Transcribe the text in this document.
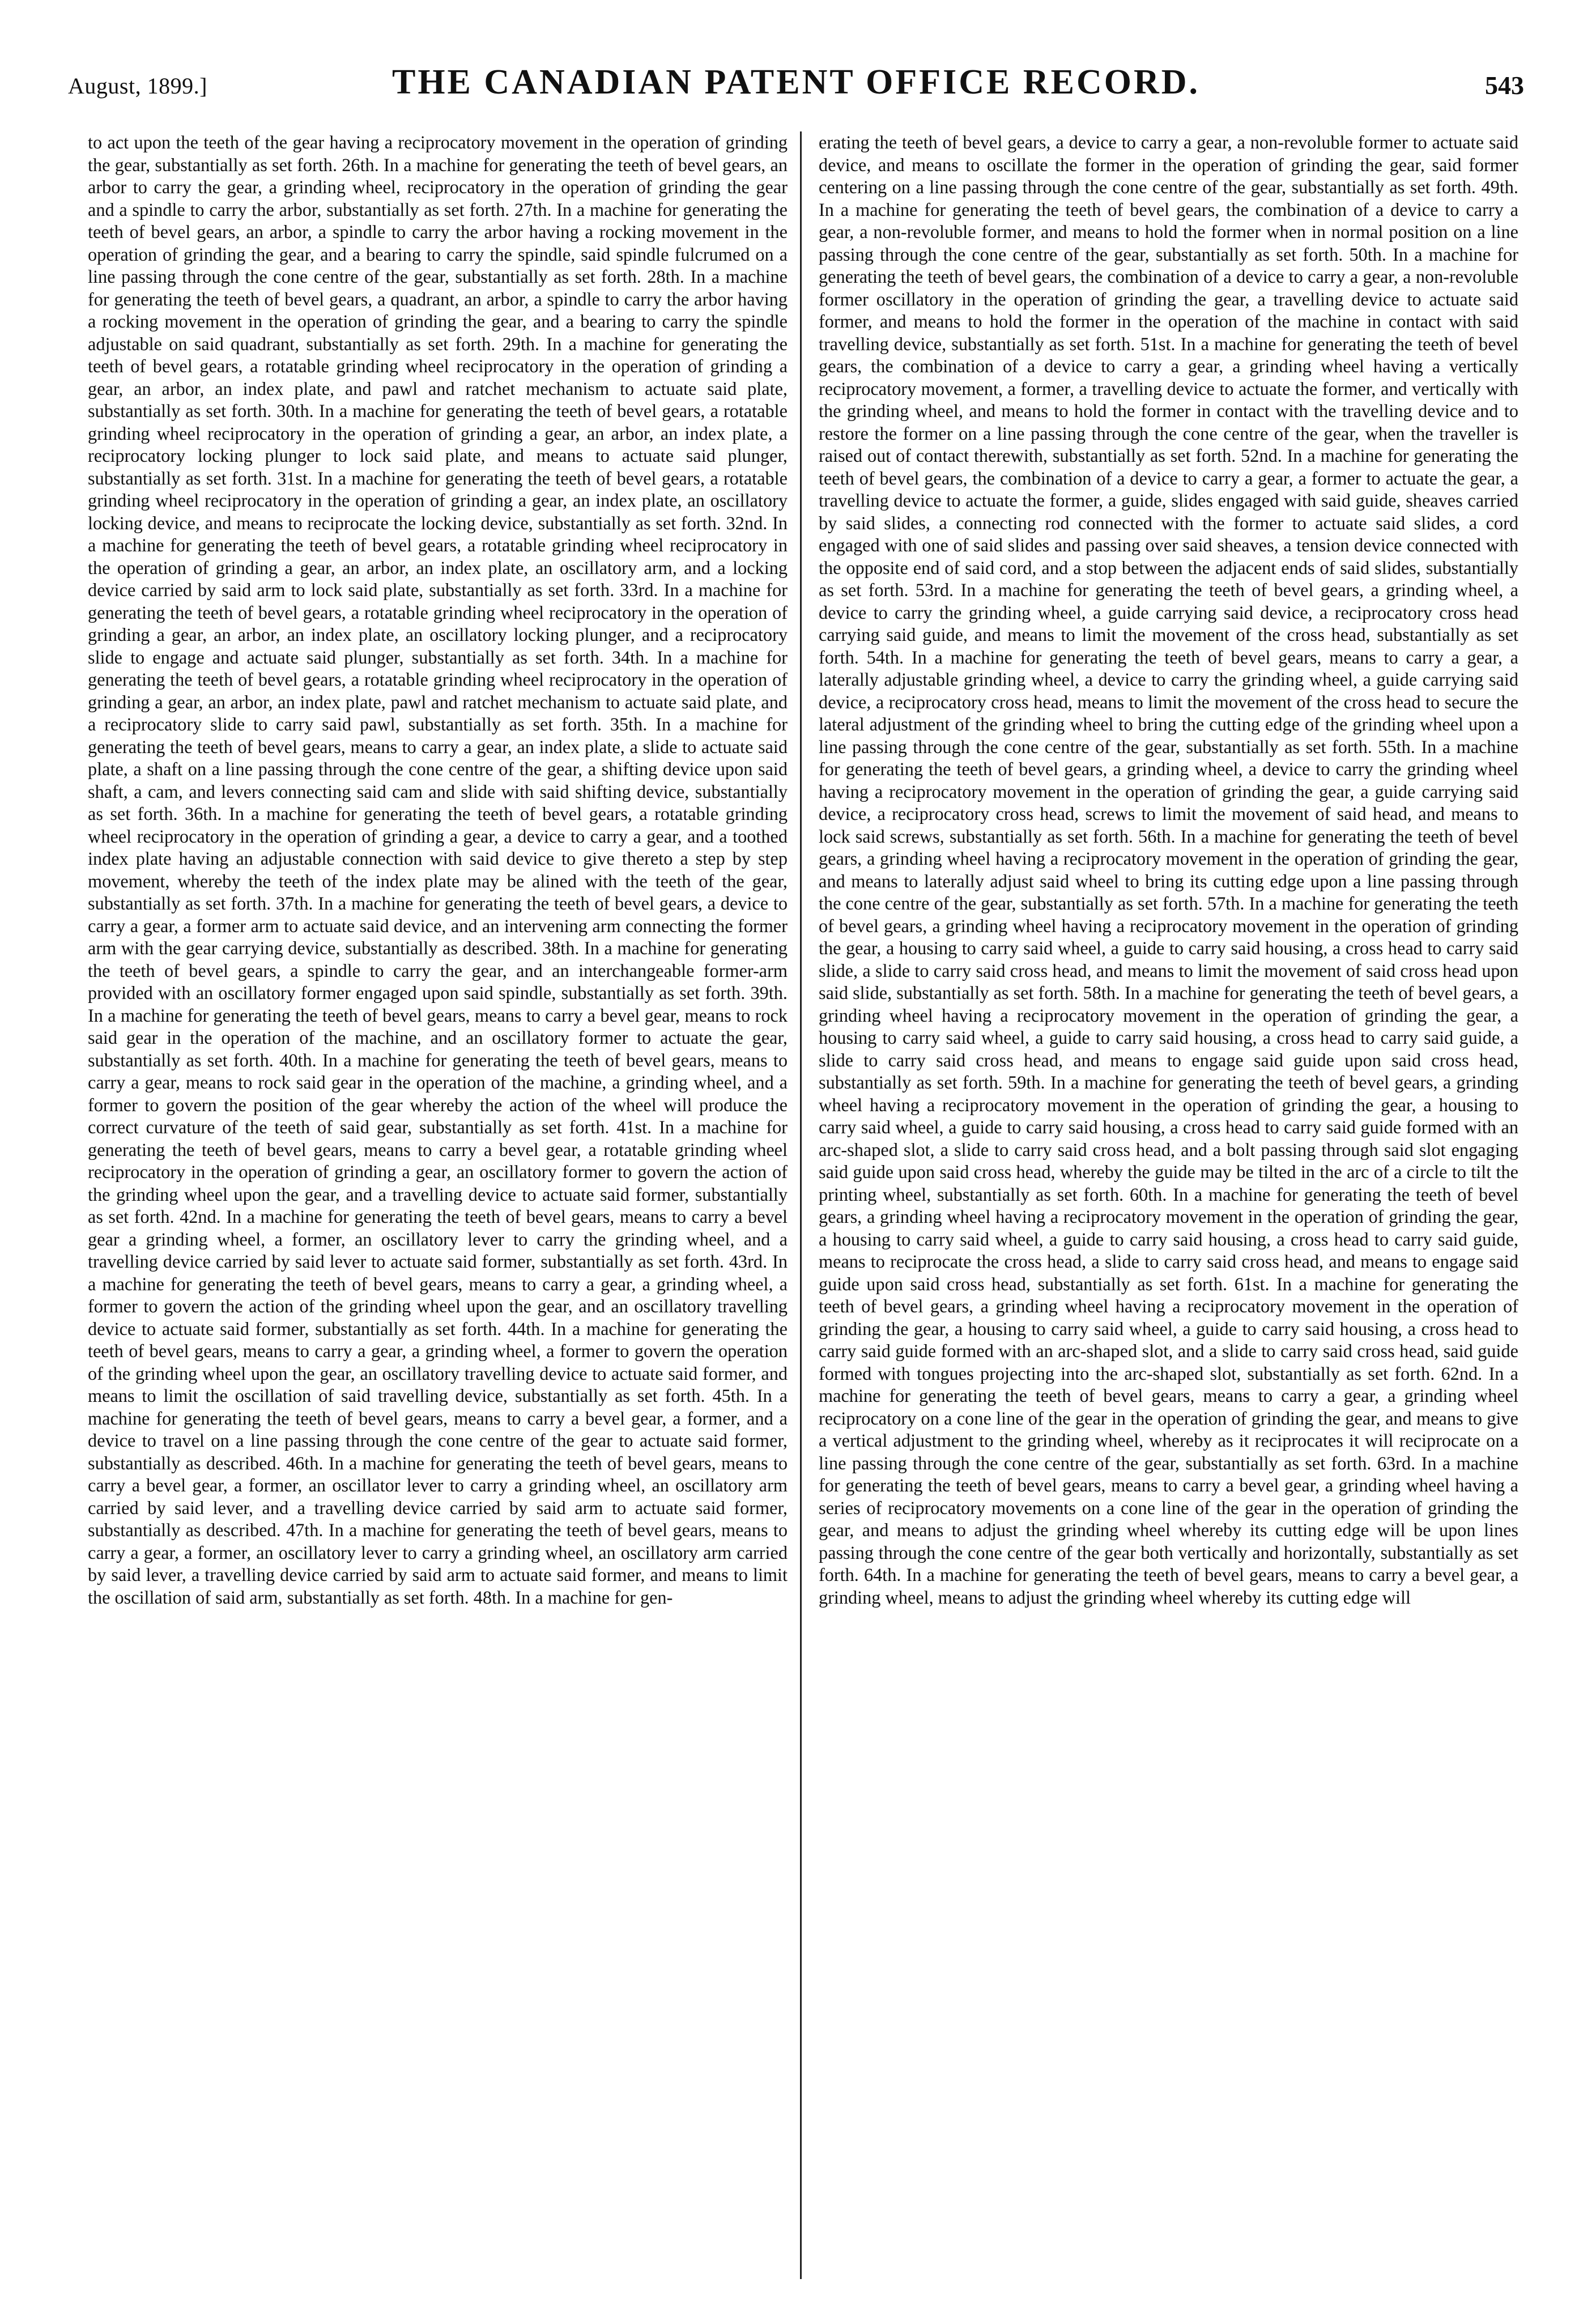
August, 1899.]	THE CANADIAN PATENT OFFICE RECORD.	543

to act upon the teeth of the gear having a reciprocatory movement in the operation of grinding the gear, substantially as set forth. 26th. In a machine for generating the teeth of bevel gears, an arbor to carry the gear, a grinding wheel, reciprocatory in the operation of grinding the gear and a spindle to carry the arbor, substantially as set forth. 27th. In a machine for generating the teeth of bevel gears, an arbor, a spindle to carry the arbor having a rocking movement in the operation of grinding the gear, and a bearing to carry the spindle, said spindle fulcrumed on a line passing through the cone centre of the gear, substantially as set forth. 28th. In a machine for generating the teeth of bevel gears, a quadrant, an arbor, a spindle to carry the arbor having a rocking movement in the operation of grinding the gear, and a bearing to carry the spindle adjustable on said quadrant, substantially as set forth. 29th. In a machine for generating the teeth of bevel gears, a rotatable grinding wheel reciprocatory in the operation of grinding a gear, an arbor, an index plate, and pawl and ratchet mechanism to actuate said plate, substantially as set forth. 30th. In a machine for generating the teeth of bevel gears, a rotatable grinding wheel reciprocatory in the operation of grinding a gear, an arbor, an index plate, a reciprocatory locking plunger to lock said plate, and means to actuate said plunger, substantially as set forth. 31st. In a machine for generating the teeth of bevel gears, a rotatable grinding wheel reciprocatory in the operation of grinding a gear, an index plate, an oscillatory locking device, and means to reciprocate the locking device, substantially as set forth. 32nd. In a machine for generating the teeth of bevel gears, a rotatable grinding wheel reciprocatory in the operation of grinding a gear, an arbor, an index plate, an oscillatory arm, and a locking device carried by said arm to lock said plate, substantially as set forth. 33rd. In a machine for generating the teeth of bevel gears, a rotatable grinding wheel reciprocatory in the operation of grinding a gear, an arbor, an index plate, an oscillatory locking plunger, and a reciprocatory slide to engage and actuate said plunger, substantially as set forth. 34th. In a machine for generating the teeth of bevel gears, a rotatable grinding wheel reciprocatory in the operation of grinding a gear, an arbor, an index plate, pawl and ratchet mechanism to actuate said plate, and a reciprocatory slide to carry said pawl, substantially as set forth. 35th. In a machine for generating the teeth of bevel gears, means to carry a gear, an index plate, a slide to actuate said plate, a shaft on a line passing through the cone centre of the gear, a shifting device upon said shaft, a cam, and levers connecting said cam and slide with said shifting device, substantially as set forth. 36th. In a machine for generating the teeth of bevel gears, a rotatable grinding wheel reciprocatory in the operation of grinding a gear, a device to carry a gear, and a toothed index plate having an adjustable connection with said device to give thereto a step by step movement, whereby the teeth of the index plate may be alined with the teeth of the gear, substantially as set forth. 37th. In a machine for generating the teeth of bevel gears, a device to carry a gear, a former arm to actuate said device, and an intervening arm connecting the former arm with the gear carrying device, substantially as described. 38th. In a machine for generating the teeth of bevel gears, a spindle to carry the gear, and an interchangeable former-arm provided with an oscillatory former engaged upon said spindle, substantially as set forth. 39th. In a machine for generating the teeth of bevel gears, means to carry a bevel gear, means to rock said gear in the operation of the machine, and an oscillatory former to actuate the gear, substantially as set forth. 40th. In a machine for generating the teeth of bevel gears, means to carry a gear, means to rock said gear in the operation of the machine, a grinding wheel, and a former to govern the position of the gear whereby the action of the wheel will produce the correct curvature of the teeth of said gear, substantially as set forth. 41st. In a machine for generating the teeth of bevel gears, means to carry a bevel gear, a rotatable grinding wheel reciprocatory in the operation of grinding a gear, an oscillatory former to govern the action of the grinding wheel upon the gear, and a travelling device to actuate said former, substantially as set forth. 42nd. In a machine for generating the teeth of bevel gears, means to carry a bevel gear a grinding wheel, a former, an oscillatory lever to carry the grinding wheel, and a travelling device carried by said lever to actuate said former, substantially as set forth. 43rd. In a machine for generating the teeth of bevel gears, means to carry a gear, a grinding wheel, a former to govern the action of the grinding wheel upon the gear, and an oscillatory travelling device to actuate said former, substantially as set forth. 44th. In a machine for generating the teeth of bevel gears, means to carry a gear, a grinding wheel, a former to govern the operation of the grinding wheel upon the gear, an oscillatory travelling device to actuate said former, and means to limit the oscillation of said travelling device, substantially as set forth. 45th. In a machine for generating the teeth of bevel gears, means to carry a bevel gear, a former, and a device to travel on a line passing through the cone centre of the gear to actuate said former, substantially as described. 46th. In a machine for generating the teeth of bevel gears, means to carry a bevel gear, a former, an oscillator lever to carry a grinding wheel, an oscillatory arm carried by said lever, and a travelling device carried by said arm to actuate said former, substantially as described. 47th. In a machine for generating the teeth of bevel gears, means to carry a gear, a former, an oscillatory lever to carry a grinding wheel, an oscillatory arm carried by said lever, a travelling device carried by said arm to actuate said former, and means to limit the oscillation of said arm, substantially as set forth. 48th. In a machine for gen-

erating the teeth of bevel gears, a device to carry a gear, a non-revoluble former to actuate said device, and means to oscillate the former in the operation of grinding the gear, said former centering on a line passing through the cone centre of the gear, substantially as set forth. 49th. In a machine for generating the teeth of bevel gears, the combination of a device to carry a gear, a non-revoluble former, and means to hold the former when in normal position on a line passing through the cone centre of the gear, substantially as set forth. 50th. In a machine for generating the teeth of bevel gears, the combination of a device to carry a gear, a non-revoluble former oscillatory in the operation of grinding the gear, a travelling device to actuate said former, and means to hold the former in the operation of the machine in contact with said travelling device, substantially as set forth. 51st. In a machine for generating the teeth of bevel gears, the combination of a device to carry a gear, a grinding wheel having a vertically reciprocatory movement, a former, a travelling device to actuate the former, and vertically with the grinding wheel, and means to hold the former in contact with the travelling device and to restore the former on a line passing through the cone centre of the gear, when the traveller is raised out of contact therewith, substantially as set forth. 52nd. In a machine for generating the teeth of bevel gears, the combination of a device to carry a gear, a former to actuate the gear, a travelling device to actuate the former, a guide, slides engaged with said guide, sheaves carried by said slides, a connecting rod connected with the former to actuate said slides, a cord engaged with one of said slides and passing over said sheaves, a tension device connected with the opposite end of said cord, and a stop between the adjacent ends of said slides, substantially as set forth. 53rd. In a machine for generating the teeth of bevel gears, a grinding wheel, a device to carry the grinding wheel, a guide carrying said device, a reciprocatory cross head carrying said guide, and means to limit the movement of the cross head, substantially as set forth. 54th. In a machine for generating the teeth of bevel gears, means to carry a gear, a laterally adjustable grinding wheel, a device to carry the grinding wheel, a guide carrying said device, a reciprocatory cross head, means to limit the movement of the cross head to secure the lateral adjustment of the grinding wheel to bring the cutting edge of the grinding wheel upon a line passing through the cone centre of the gear, substantially as set forth. 55th. In a machine for generating the teeth of bevel gears, a grinding wheel, a device to carry the grinding wheel having a reciprocatory movement in the operation of grinding the gear, a guide carrying said device, a reciprocatory cross head, screws to limit the movement of said head, and means to lock said screws, substantially as set forth. 56th. In a machine for generating the teeth of bevel gears, a grinding wheel having a reciprocatory movement in the operation of grinding the gear, and means to laterally adjust said wheel to bring its cutting edge upon a line passing through the cone centre of the gear, substantially as set forth. 57th. In a machine for generating the teeth of bevel gears, a grinding wheel having a reciprocatory movement in the operation of grinding the gear, a housing to carry said wheel, a guide to carry said housing, a cross head to carry said slide, a slide to carry said cross head, and means to limit the movement of said cross head upon said slide, substantially as set forth. 58th. In a machine for generating the teeth of bevel gears, a grinding wheel having a reciprocatory movement in the operation of grinding the gear, a housing to carry said wheel, a guide to carry said housing, a cross head to carry said guide, a slide to carry said cross head, and means to engage said guide upon said cross head, substantially as set forth. 59th. In a machine for generating the teeth of bevel gears, a grinding wheel having a reciprocatory movement in the operation of grinding the gear, a housing to carry said wheel, a guide to carry said housing, a cross head to carry said guide formed with an arc-shaped slot, a slide to carry said cross head, and a bolt passing through said slot engaging said guide upon said cross head, whereby the guide may be tilted in the arc of a circle to tilt the printing wheel, substantially as set forth. 60th. In a machine for generating the teeth of bevel gears, a grinding wheel having a reciprocatory movement in the operation of grinding the gear, a housing to carry said wheel, a guide to carry said housing, a cross head to carry said guide, means to reciprocate the cross head, a slide to carry said cross head, and means to engage said guide upon said cross head, substantially as set forth. 61st. In a machine for generating the teeth of bevel gears, a grinding wheel having a reciprocatory movement in the operation of grinding the gear, a housing to carry said wheel, a guide to carry said housing, a cross head to carry said guide formed with an arc-shaped slot, and a slide to carry said cross head, said guide formed with tongues projecting into the arc-shaped slot, substantially as set forth. 62nd. In a machine for generating the teeth of bevel gears, means to carry a gear, a grinding wheel reciprocatory on a cone line of the gear in the operation of grinding the gear, and means to give a vertical adjustment to the grinding wheel, whereby as it reciprocates it will reciprocate on a line passing through the cone centre of the gear, substantially as set forth. 63rd. In a machine for generating the teeth of bevel gears, means to carry a bevel gear, a grinding wheel having a series of reciprocatory movements on a cone line of the gear in the operation of grinding the gear, and means to adjust the grinding wheel whereby its cutting edge will be upon lines passing through the cone centre of the gear both vertically and horizontally, substantially as set forth. 64th. In a machine for generating the teeth of bevel gears, means to carry a bevel gear, a grinding wheel, means to adjust the grinding wheel whereby its cutting edge will
